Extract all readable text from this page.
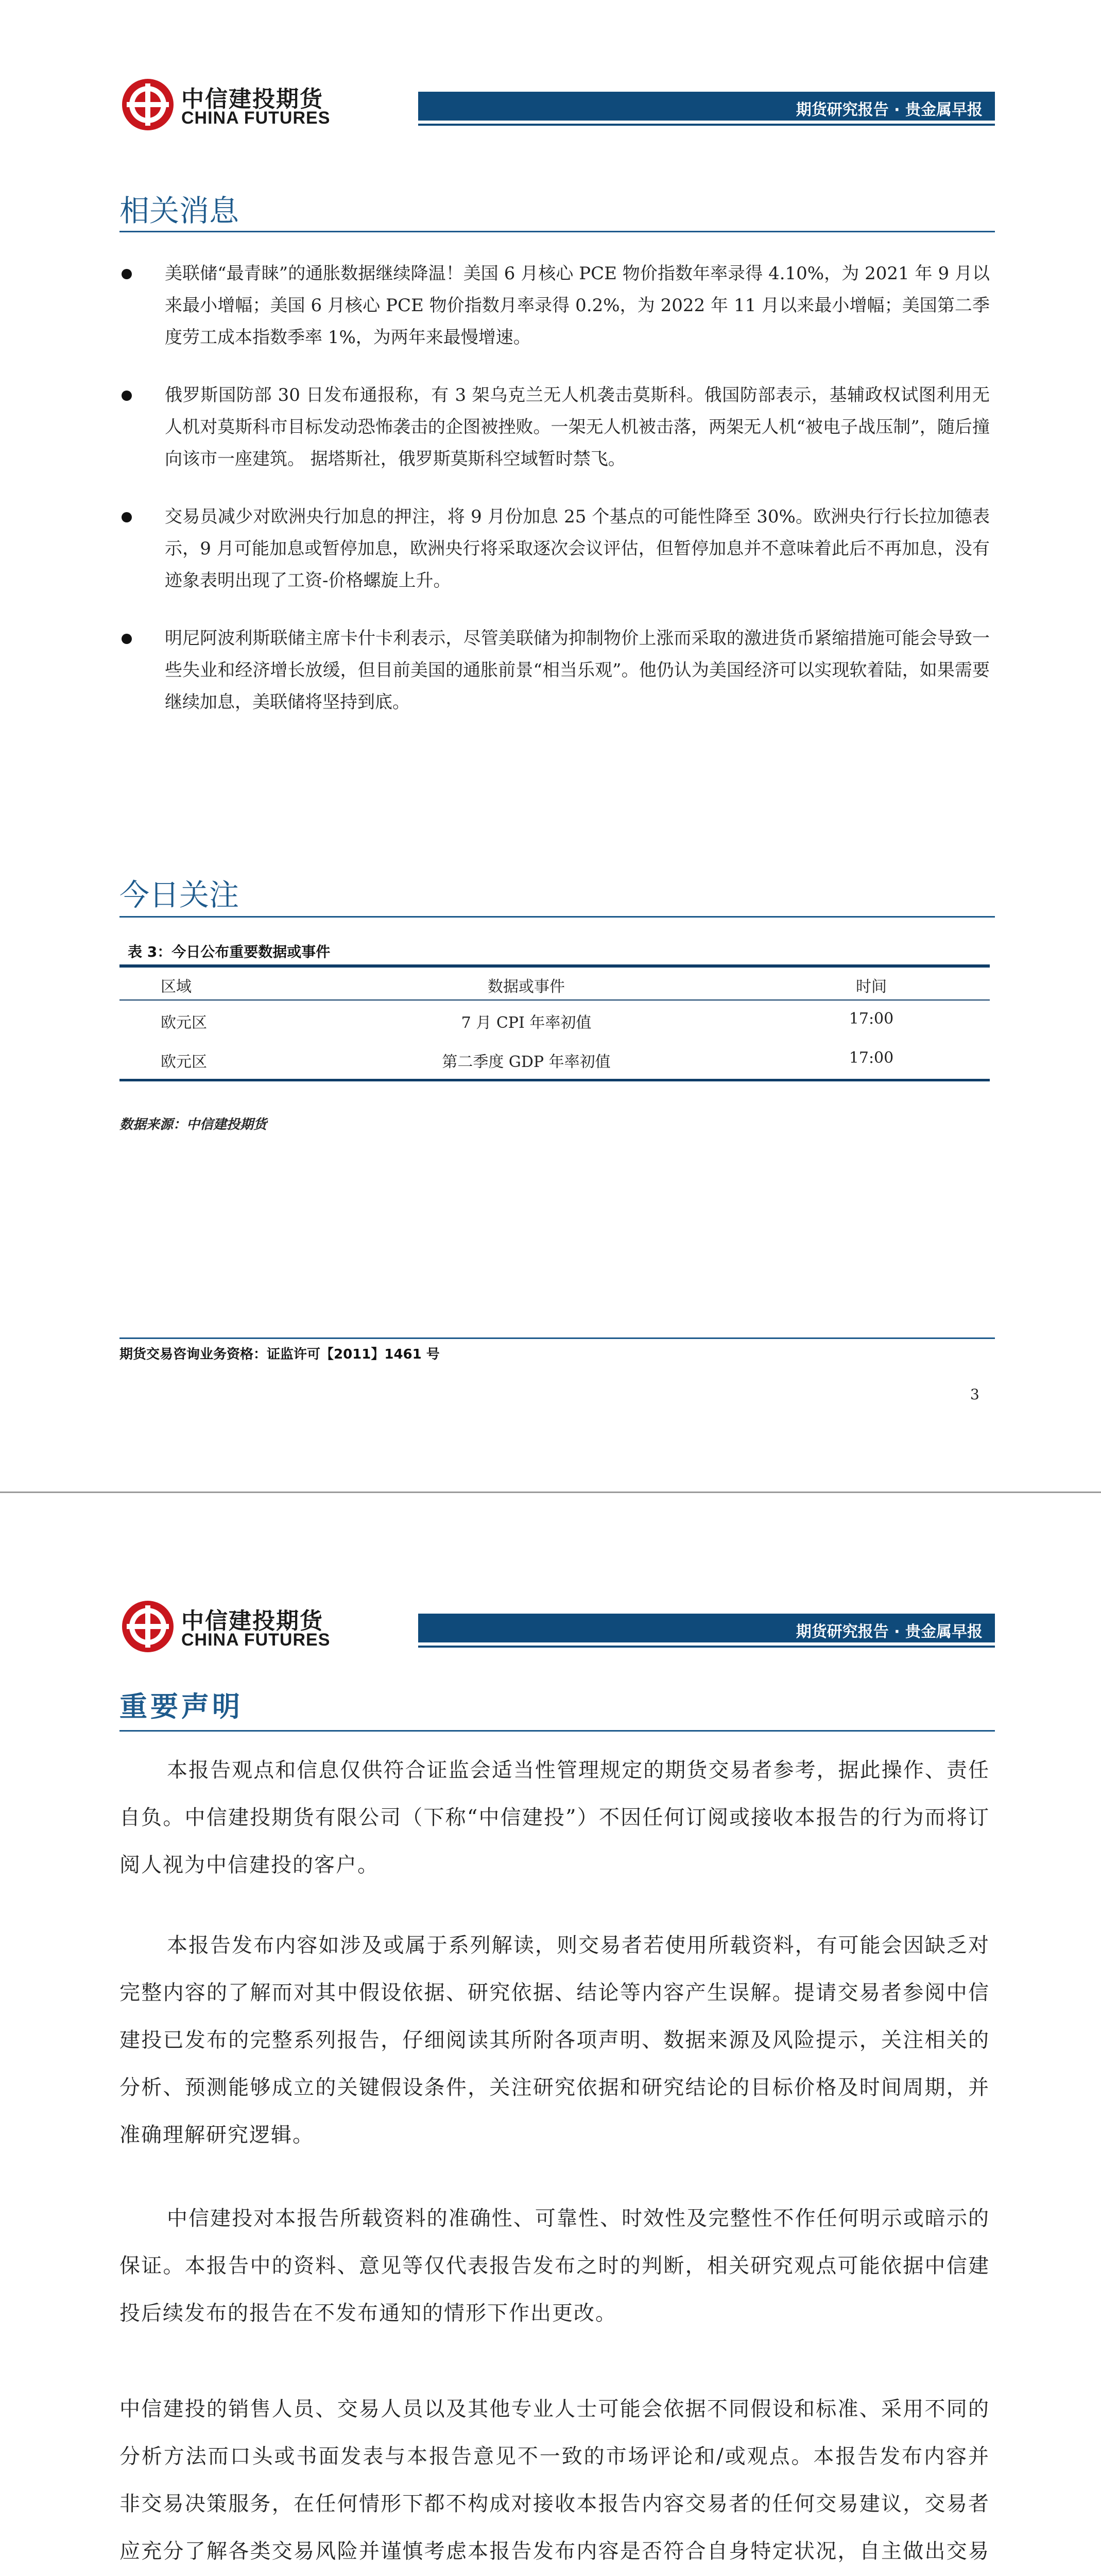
中信建投期货
CHINA FUTURES	期货研究报告 · 贵金属早报
相关消息
美联储“最青睐”的通胀数据继续降温！美国 6 月核心 PCE 物价指数年率录得 4.10%，为 2021 年 9 月以来最小增幅；美国 6 月核心 PCE 物价指数月率录得 0.2%，为 2022 年 11 月以来最小增幅；美国第二季度劳工成本指数季率 1%，为两年来最慢增速。
俄罗斯国防部 30 日发布通报称，有 3 架乌克兰无人机袭击莫斯科。俄国防部表示，基辅政权试图利用无人机对莫斯科市目标发动恐怖袭击的企图被挫败。一架无人机被击落，两架无人机“被电子战压制”，随后撞向该市一座建筑。 据塔斯社，俄罗斯莫斯科空域暂时禁飞。
交易员减少对欧洲央行加息的押注，将 9 月份加息 25 个基点的可能性降至 30%。欧洲央行行长拉加德表示，9 月可能加息或暂停加息，欧洲央行将采取逐次会议评估，但暂停加息并不意味着此后不再加息，没有迹象表明出现了工资-价格螺旋上升。
明尼阿波利斯联储主席卡什卡利表示，尽管美联储为抑制物价上涨而采取的激进货币紧缩措施可能会导致一些失业和经济增长放缓，但目前美国的通胀前景“相当乐观”。他仍认为美国经济可以实现软着陆，如果需要继续加息，美联储将坚持到底。
今日关注
表 3：今日公布重要数据或事件
区域	数据或事件	时间
欧元区	7 月 CPI 年率初值	17:00
欧元区	第二季度 GDP 年率初值	17:00
数据来源：中信建投期货
期货交易咨询业务资格：证监许可【2011】1461 号
3
中信建投期货
CHINA FUTURES	期货研究报告 · 贵金属早报
重要声明
本报告观点和信息仅供符合证监会适当性管理规定的期货交易者参考，据此操作、责任自负。中信建投期货有限公司（下称“中信建投”）不因任何订阅或接收本报告的行为而将订阅人视为中信建投的客户。
本报告发布内容如涉及或属于系列解读，则交易者若使用所载资料，有可能会因缺乏对完整内容的了解而对其中假设依据、研究依据、结论等内容产生误解。提请交易者参阅中信建投已发布的完整系列报告，仔细阅读其所附各项声明、数据来源及风险提示，关注相关的分析、预测能够成立的关键假设条件，关注研究依据和研究结论的目标价格及时间周期，并准确理解研究逻辑。
中信建投对本报告所载资料的准确性、可靠性、时效性及完整性不作任何明示或暗示的保证。本报告中的资料、意见等仅代表报告发布之时的判断，相关研究观点可能依据中信建投后续发布的报告在不发布通知的情形下作出更改。
中信建投的销售人员、交易人员以及其他专业人士可能会依据不同假设和标准、采用不同的分析方法而口头或书面发表与本报告意见不一致的市场评论和/或观点。本报告发布内容并非交易决策服务，在任何情形下都不构成对接收本报告内容交易者的任何交易建议，交易者应充分了解各类交易风险并谨慎考虑本报告发布内容是否符合自身特定状况，自主做出交易
